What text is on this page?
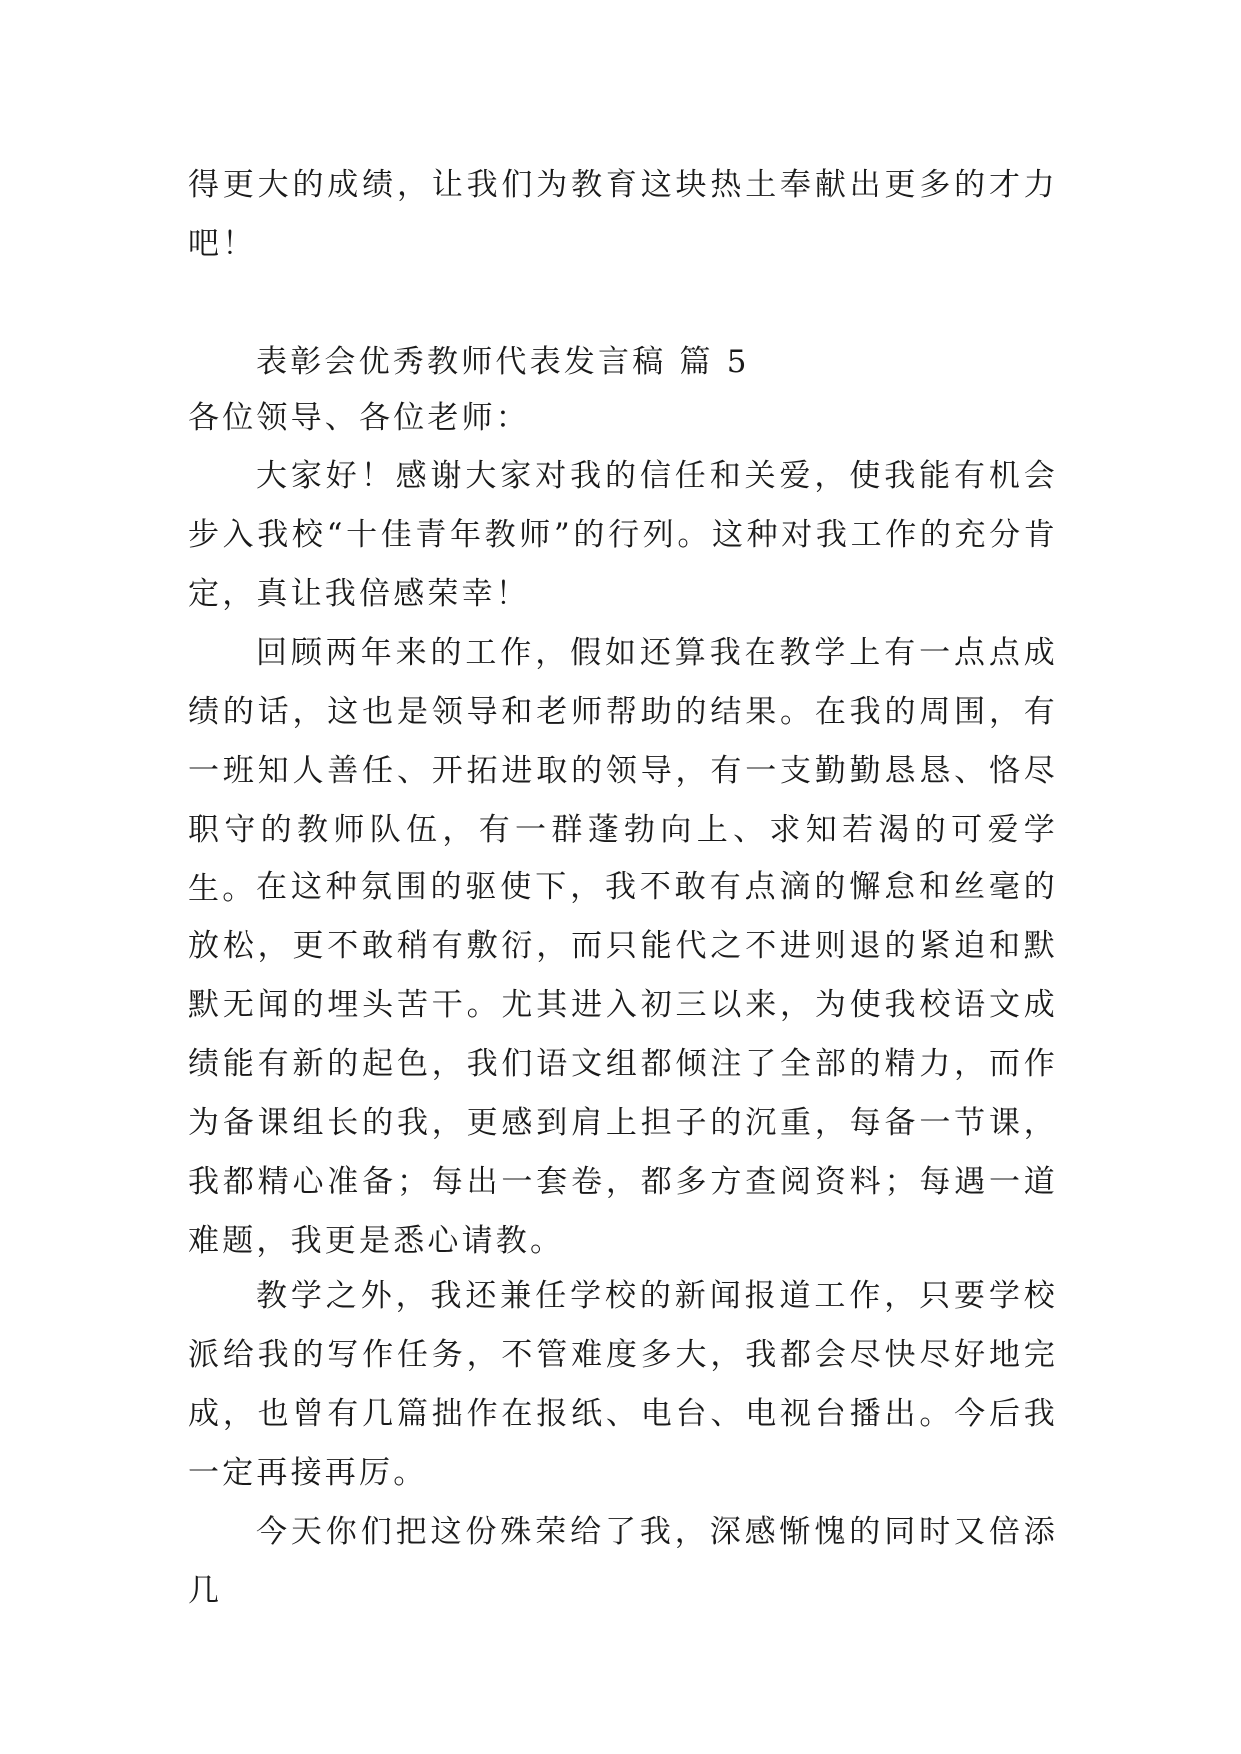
得更大的成绩，让我们为教育这块热土奉献出更多的才力吧！

表彰会优秀教师代表发言稿 篇 5

各位领导、各位老师：

大家好！感谢大家对我的信任和关爱，使我能有机会步入我校“十佳青年教师”的行列。这种对我工作的充分肯定，真让我倍感荣幸！

回顾两年来的工作，假如还算我在教学上有一点点成绩的话，这也是领导和老师帮助的结果。在我的周围，有一班知人善任、开拓进取的领导，有一支勤勤恳恳、恪尽职守的教师队伍，有一群蓬勃向上、求知若渴的可爱学生。 在这种氛围的驱使下，我不敢有点滴的懈怠和丝毫的放松，更不敢稍有敷衍，而只能代之不进则退的紧迫和默默无闻的埋头苦干。尤其进入初三以来，为使我校语文成绩能有新的起色，我们语文组都倾注了全部的精力，而作为备课组长的我，更感到肩上担子的沉重，每备一节课，我都精心准备；每出一套卷，都多方查阅资料；每遇一道难题，我更是悉心请教。

教学之外，我还兼任学校的新闻报道工作，只要学校派给我的写作任务，不管难度多大，我都会尽快尽好地完成，也曾有几篇拙作在报纸、电台、电视台播出。今后我一定再接再厉。

今天你们把这份殊荣给了我，深感惭愧的同时又倍添几
